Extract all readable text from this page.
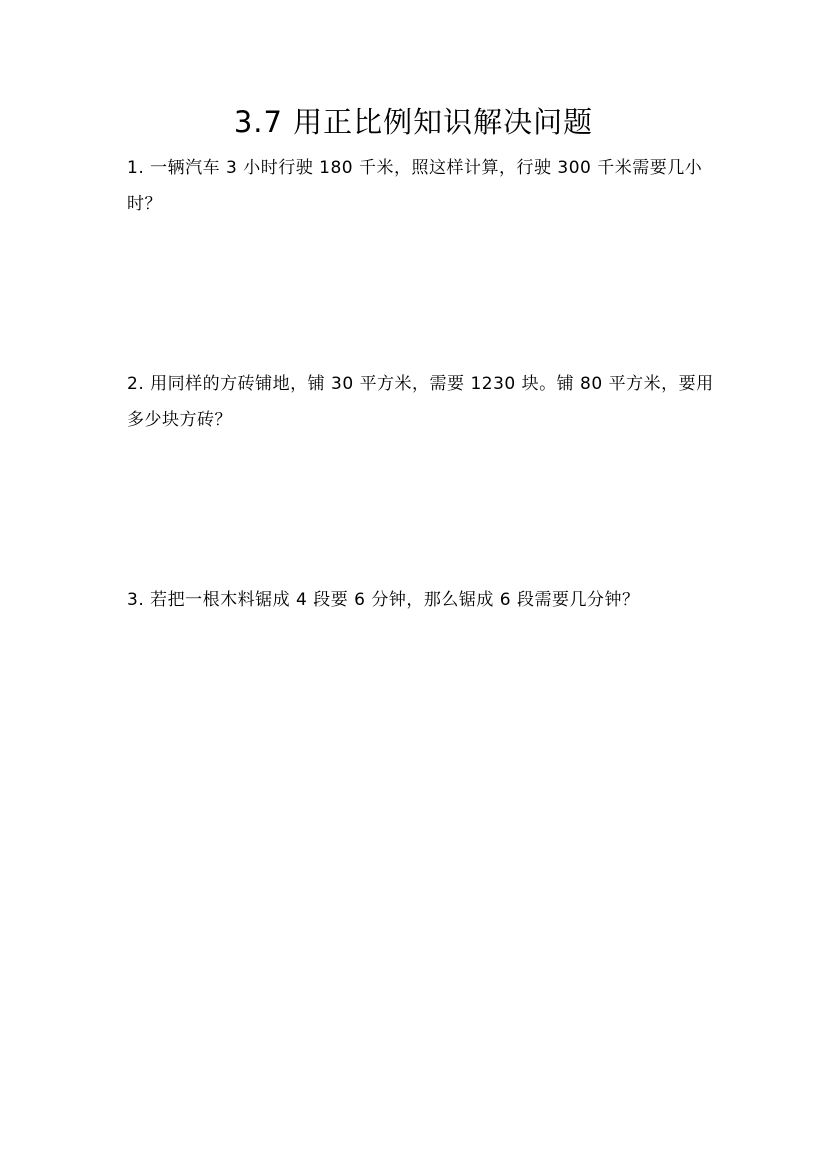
3.7 用正比例知识解决问题
1. 一辆汽车 3 小时行驶 180 千米，照这样计算，行驶 300 千米需要几小
时？
2. 用同样的方砖铺地，铺 30 平方米，需要 1230 块。铺 80 平方米，要用
多少块方砖？
3. 若把一根木料锯成 4 段要 6 分钟，那么锯成 6 段需要几分钟？
